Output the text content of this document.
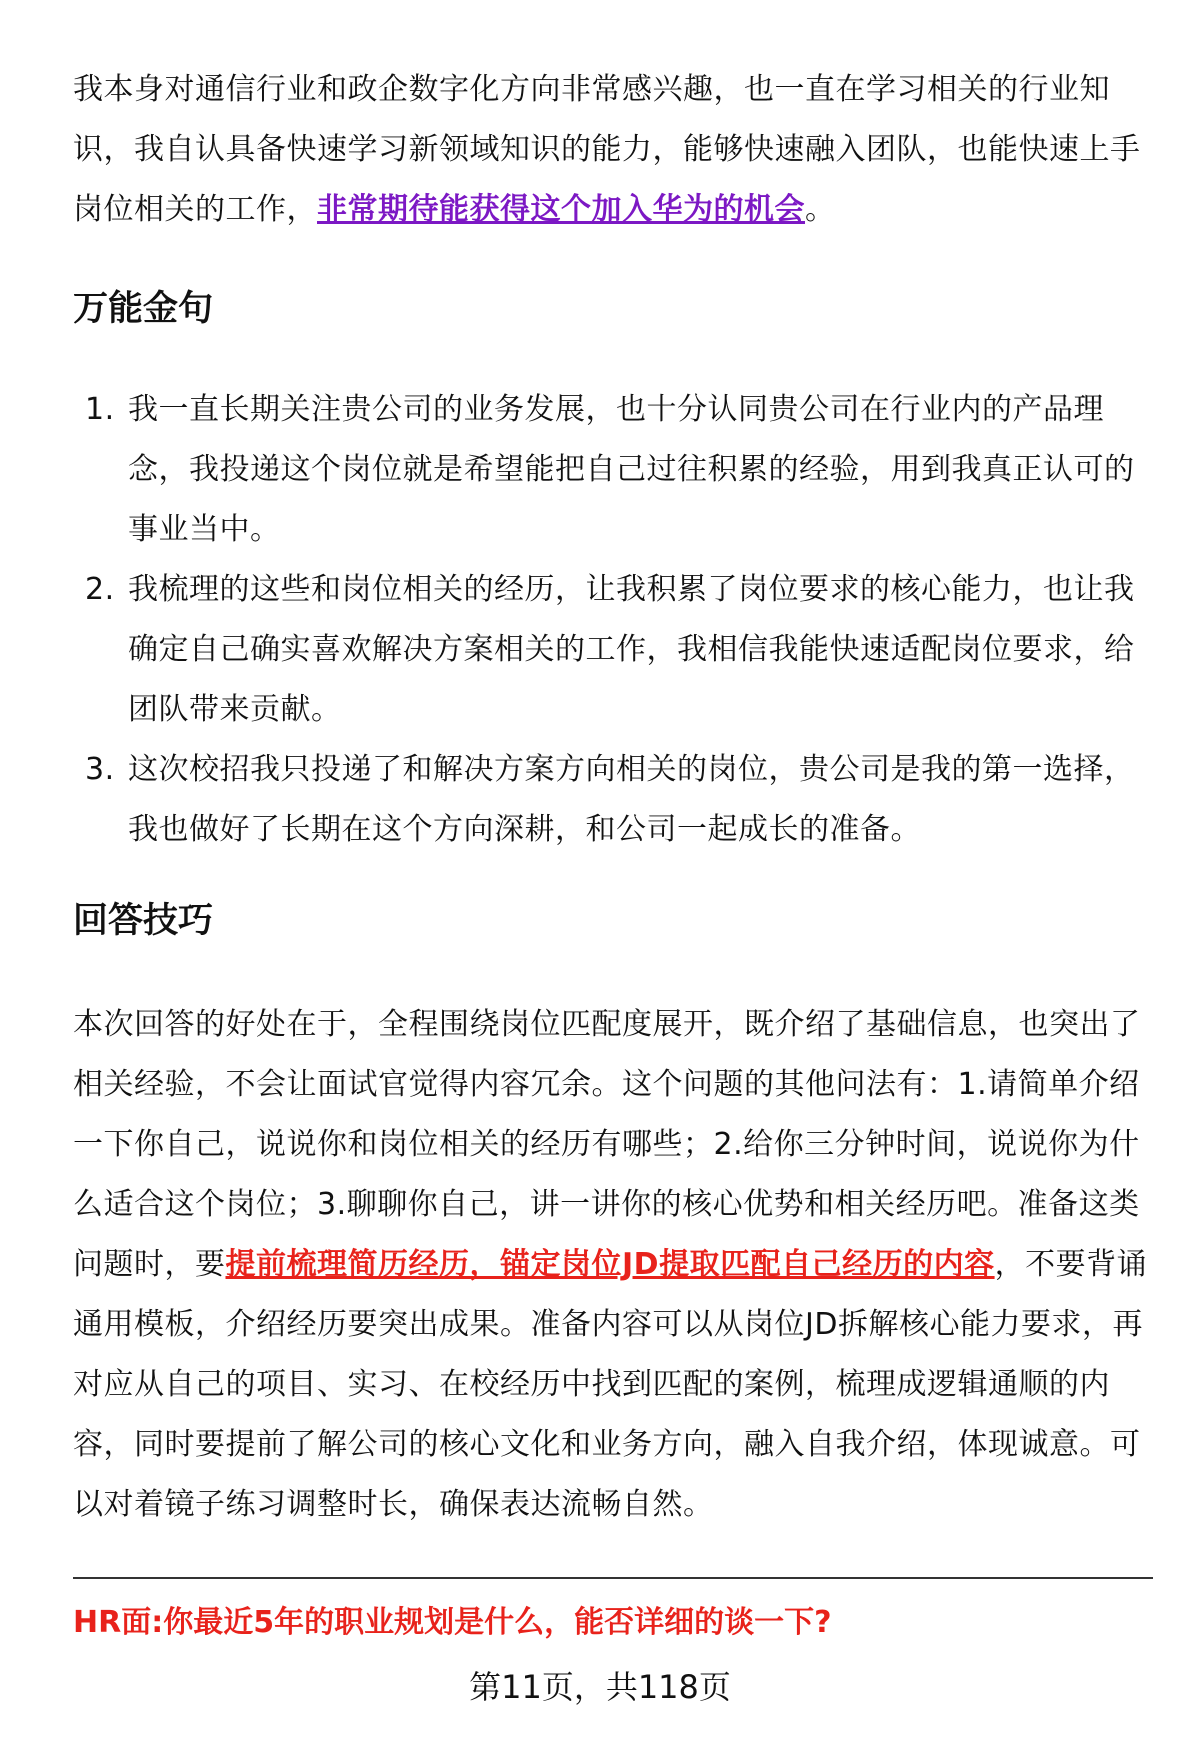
我本身对通信行业和政企数字化方向非常感兴趣，也一直在学习相关的行业知识，我自认具备快速学习新领域知识的能力，能够快速融入团队，也能快速上手岗位相关的工作，非常期待能获得这个加入华为的机会。

万能金句
1. 我一直长期关注贵公司的业务发展，也十分认同贵公司在行业内的产品理念，我投递这个岗位就是希望能把自己过往积累的经验，用到我真正认可的事业当中。
2. 我梳理的这些和岗位相关的经历，让我积累了岗位要求的核心能力，也让我确定自己确实喜欢解决方案相关的工作，我相信我能快速适配岗位要求，给团队带来贡献。
3. 这次校招我只投递了和解决方案方向相关的岗位，贵公司是我的第一选择，我也做好了长期在这个方向深耕，和公司一起成长的准备。
回答技巧

本次回答的好处在于，全程围绕岗位匹配度展开，既介绍了基础信息，也突出了相关经验，不会让面试官觉得内容冗余。这个问题的其他问法有：1.请简单介绍一下你自己，说说你和岗位相关的经历有哪些；2.给你三分钟时间，说说你为什么适合这个岗位；3.聊聊你自己，讲一讲你的核心优势和相关经历吧。准备这类问题时，要提前梳理简历经历，锚定岗位JD提取匹配自己经历的内容，不要背诵通用模板，介绍经历要突出成果。准备内容可以从岗位JD拆解核心能力要求，再对应从自己的项目、实习、在校经历中找到匹配的案例，梳理成逻辑通顺的内容，同时要提前了解公司的核心文化和业务方向，融入自我介绍，体现诚意。可以对着镜子练习调整时长，确保表达流畅自然。

HR面:你最近5年的职业规划是什么，能否详细的谈一下?

第11页，共118页
